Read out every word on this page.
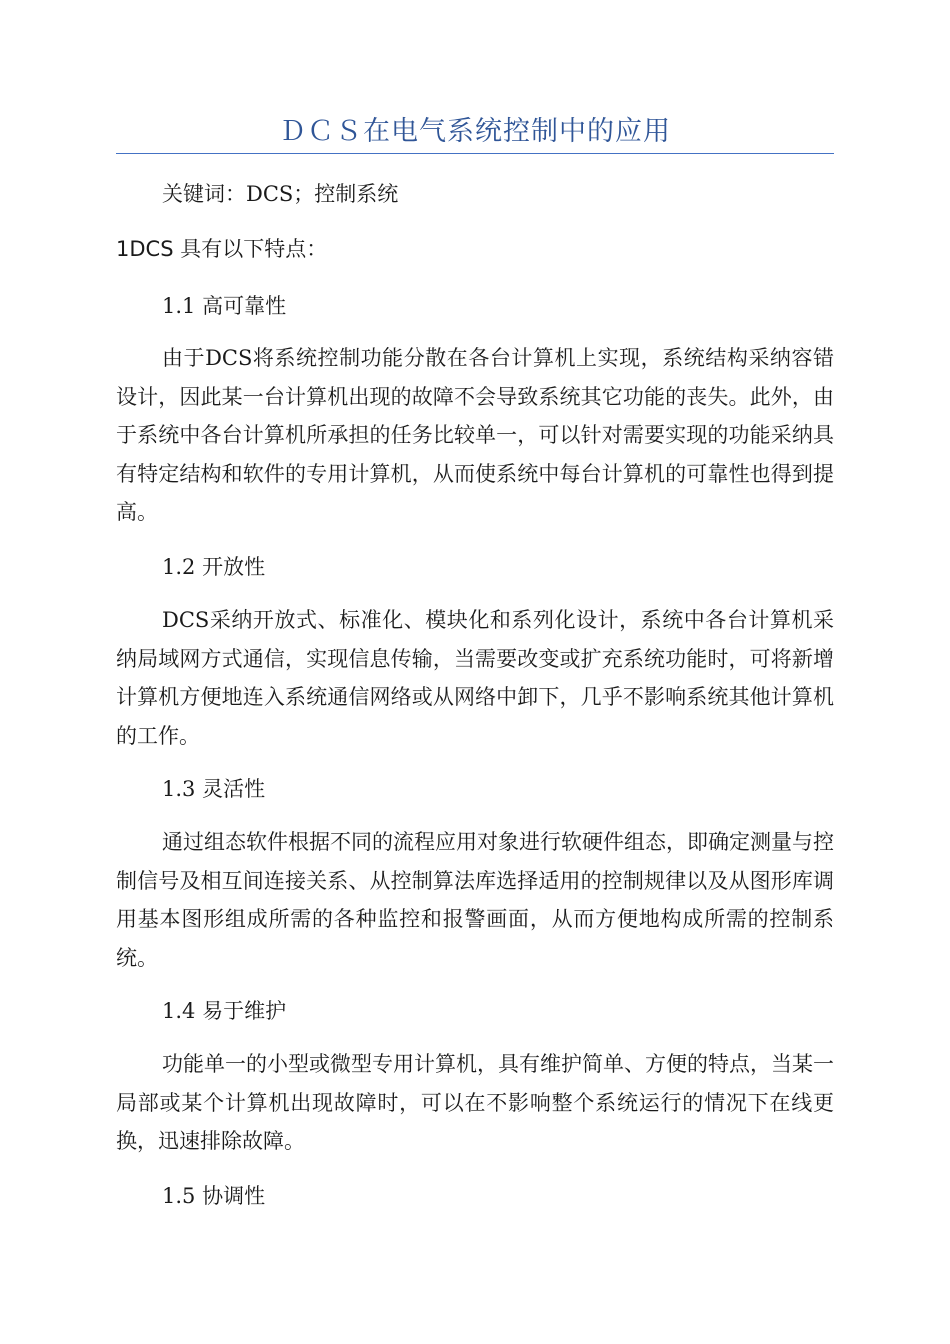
ＤＣＳ在电气系统控制中的应用
关键词：DCS；控制系统
1DCS 具有以下特点：
1.1 高可靠性
由于DCS将系统控制功能分散在各台计算机上实现，系统结构采纳容错设计，因此某一台计算机出现的故障不会导致系统其它功能的丧失。此外，由于系统中各台计算机所承担的任务比较单一，可以针对需要实现的功能采纳具有特定结构和软件的专用计算机，从而使系统中每台计算机的可靠性也得到提高。
1.2 开放性
DCS采纳开放式、标准化、模块化和系列化设计，系统中各台计算机采纳局域网方式通信，实现信息传输，当需要改变或扩充系统功能时，可将新增计算机方便地连入系统通信网络或从网络中卸下，几乎不影响系统其他计算机的工作。
1.3 灵活性
通过组态软件根据不同的流程应用对象进行软硬件组态，即确定测量与控制信号及相互间连接关系、从控制算法库选择适用的控制规律以及从图形库调用基本图形组成所需的各种监控和报警画面，从而方便地构成所需的控制系统。
1.4 易于维护
功能单一的小型或微型专用计算机，具有维护简单、方便的特点，当某一局部或某个计算机出现故障时，可以在不影响整个系统运行的情况下在线更换，迅速排除故障。
1.5 协调性
